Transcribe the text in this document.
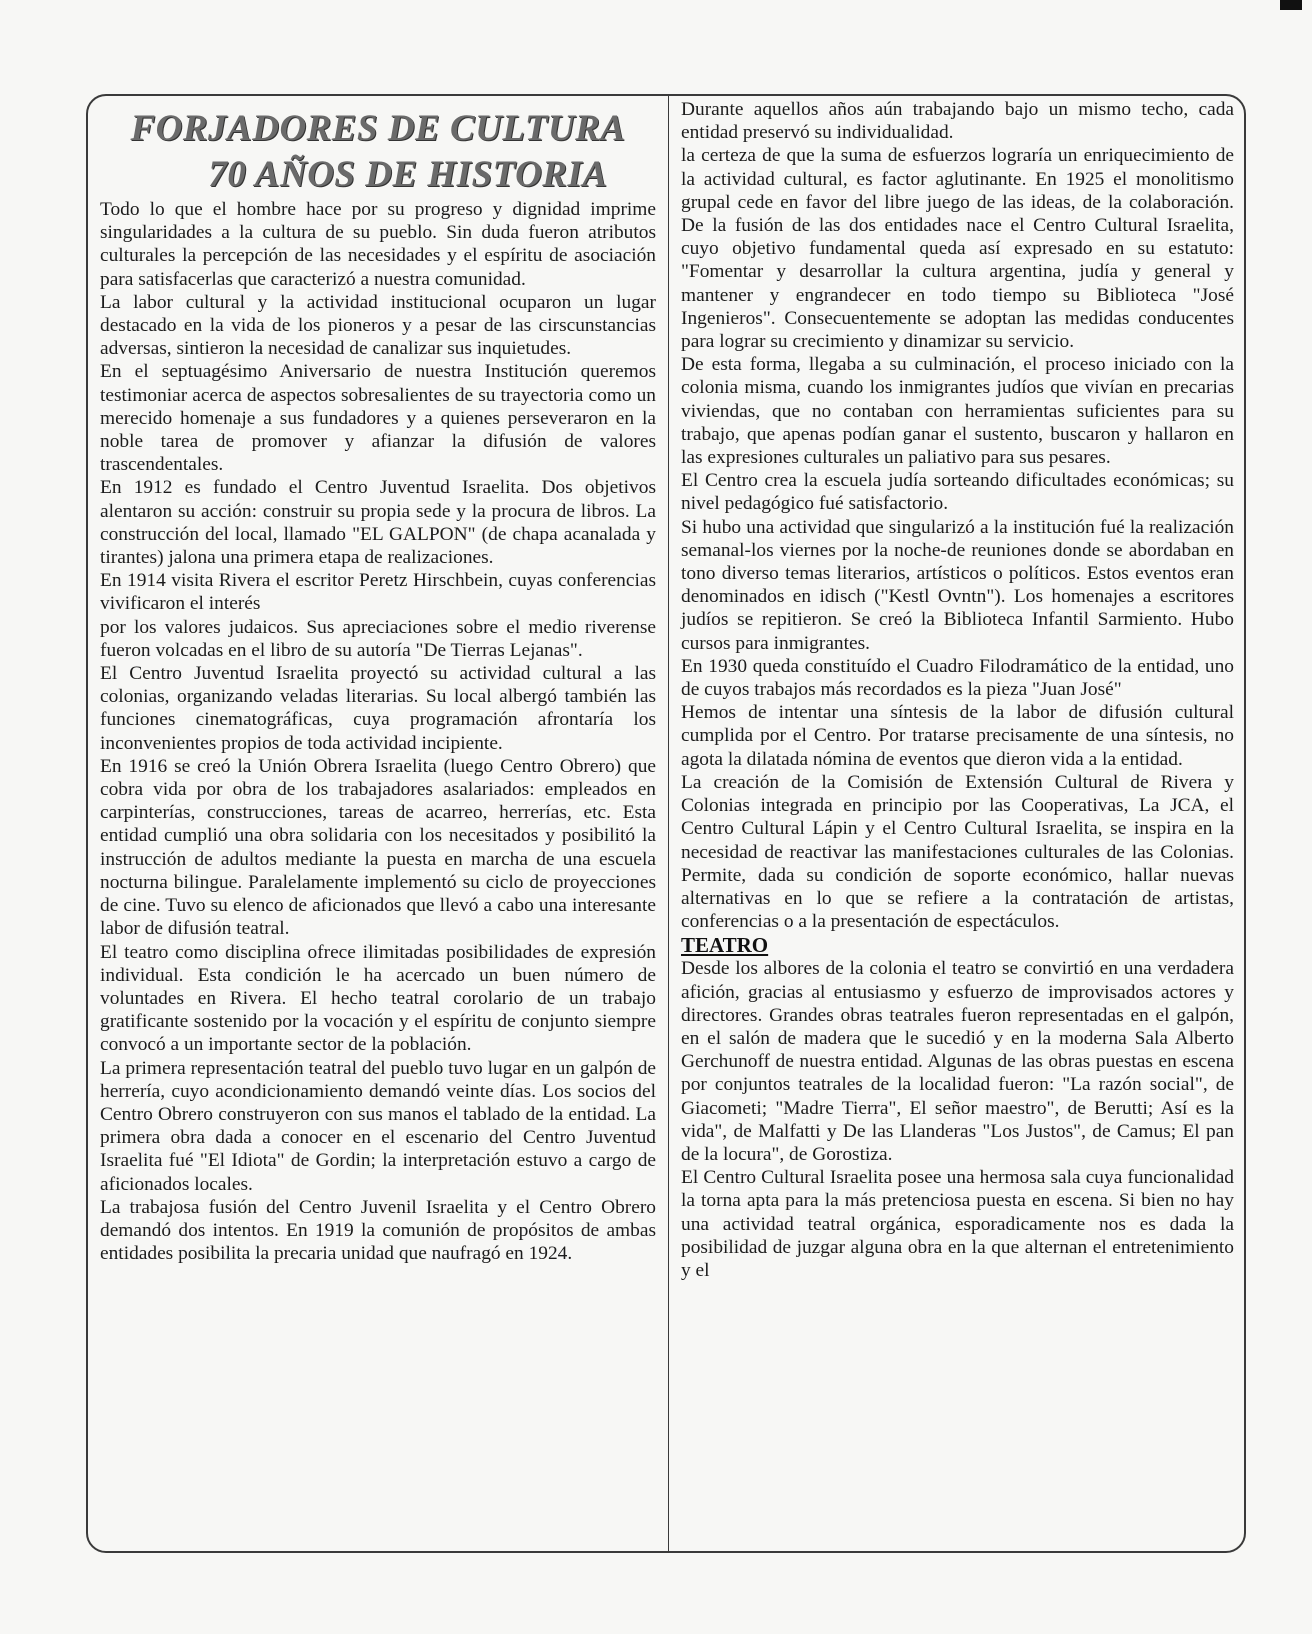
FORJADORES DE CULTURA
70 AÑOS DE HISTORIA

Todo lo que el hombre hace por su progreso y dignidad imprime singularidades a la cultura de su pueblo. Sin duda fueron atributos culturales la percepción de las necesidades y el espíritu de asociación para satisfacerlas que caracterizó a nuestra comunidad.

La labor cultural y la actividad institucional ocuparon un lugar destacado en la vida de los pioneros y a pesar de las cirscunstancias adversas, sintieron la necesidad de canalizar sus inquietudes.

En el septuagésimo Aniversario de nuestra Institución queremos testimoniar acerca de aspectos sobresalientes de su trayectoria como un merecido homenaje a sus fundadores y a quienes perseveraron en la noble tarea de promover y afianzar la difusión de valores trascendentales.

En 1912 es fundado el Centro Juventud Israelita. Dos objetivos alentaron su acción: construir su propia sede y la procura de libros. La construcción del local, llamado "EL GALPON" (de chapa acanalada y tirantes) jalona una primera etapa de realizaciones.

En 1914 visita Rivera el escritor Peretz Hirschbein, cuyas conferencias vivificaron el interés

por los valores judaicos. Sus apreciaciones sobre el medio riverense fueron volcadas en el libro de su autoría "De Tierras Lejanas".

El Centro Juventud Israelita proyectó su actividad cultural a las colonias, organizando veladas literarias. Su local albergó también las funciones cinematográficas, cuya programación afrontaría los inconvenientes propios de toda actividad incipiente.

En 1916 se creó la Unión Obrera Israelita (luego Centro Obrero) que cobra vida por obra de los trabajadores asalariados: empleados en carpinterías, construcciones, tareas de acarreo, herrerías, etc. Esta entidad cumplió una obra solidaria con los necesitados y posibilitó la instrucción de adultos mediante la puesta en marcha de una escuela nocturna bilingue. Paralelamente implementó su ciclo de proyecciones de cine. Tuvo su elenco de aficionados que llevó a cabo una interesante labor de difusión teatral.

El teatro como disciplina ofrece ilimitadas posibilidades de expresión individual. Esta condición le ha acercado un buen número de voluntades en Rivera. El hecho teatral corolario de un trabajo gratificante sostenido por la vocación y el espíritu de conjunto siempre convocó a un importante sector de la población.

La primera representación teatral del pueblo tuvo lugar en un galpón de herrería, cuyo acondicionamiento demandó veinte días. Los socios del Centro Obrero construyeron con sus manos el tablado de la entidad. La primera obra dada a conocer en el escenario del Centro Juventud Israelita fué "El Idiota" de Gordin; la interpretación estuvo a cargo de aficionados locales.

La trabajosa fusión del Centro Juvenil Israelita y el Centro Obrero demandó dos intentos. En 1919 la comunión de propósitos de ambas entidades posibilita la precaria unidad que naufragó en 1924.

Durante aquellos años aún trabajando bajo un mismo techo, cada entidad preservó su individualidad.

la certeza de que la suma de esfuerzos lograría un enriquecimiento de la actividad cultural, es factor aglutinante. En 1925 el monolitismo grupal cede en favor del libre juego de las ideas, de la colaboración. De la fusión de las dos entidades nace el Centro Cultural Israelita, cuyo objetivo fundamental queda así expresado en su estatuto: "Fomentar y desarrollar la cultura argentina, judía y general y mantener y engrandecer en todo tiempo su Biblioteca "José Ingenieros". Consecuentemente se adoptan las medidas conducentes para lograr su crecimiento y dinamizar su servicio.

De esta forma, llegaba a su culminación, el proceso iniciado con la colonia misma, cuando los inmigrantes judíos que vivían en precarias viviendas, que no contaban con herramientas suficientes para su trabajo, que apenas podían ganar el sustento, buscaron y hallaron en las expresiones culturales un paliativo para sus pesares.

El Centro crea la escuela judía sorteando dificultades económicas; su nivel pedagógico fué satisfactorio.

Si hubo una actividad que singularizó a la institución fué la realización semanal-los viernes por la noche-de reuniones donde se abordaban en tono diverso temas literarios, artísticos o políticos. Estos eventos eran denominados en idisch ("Kestl Ovntn"). Los homenajes a escritores judíos se repitieron. Se creó la Biblioteca Infantil Sarmiento. Hubo cursos para inmigrantes.

En 1930 queda constituído el Cuadro Filodramático de la entidad, uno de cuyos trabajos más recordados es la pieza "Juan José"

Hemos de intentar una síntesis de la labor de difusión cultural cumplida por el Centro. Por tratarse precisamente de una síntesis, no agota la dilatada nómina de eventos que dieron vida a la entidad.

La creación de la Comisión de Extensión Cultural de Rivera y Colonias integrada en principio por las Cooperativas, La JCA, el Centro Cultural Lápin y el Centro Cultural Israelita, se inspira en la necesidad de reactivar las manifestaciones culturales de las Colonias. Permite, dada su condición de soporte económico, hallar nuevas alternativas en lo que se refiere a la contratación de artistas, conferencias o a la presentación de espectáculos.

TEATRO

Desde los albores de la colonia el teatro se convirtió en una verdadera afición, gracias al entusiasmo y esfuerzo de improvisados actores y directores. Grandes obras teatrales fueron representadas en el galpón, en el salón de madera que le sucedió y en la moderna Sala Alberto Gerchunoff de nuestra entidad. Algunas de las obras puestas en escena por conjuntos teatrales de la localidad fueron: "La razón social", de Giacometi; "Madre Tierra", El señor maestro", de Berutti; Así es la vida", de Malfatti y De las Llanderas "Los Justos", de Camus; El pan de la locura", de Gorostiza.

El Centro Cultural Israelita posee una hermosa sala cuya funcionalidad la torna apta para la más pretenciosa puesta en escena. Si bien no hay una actividad teatral orgánica, esporadicamente nos es dada la posibilidad de juzgar alguna obra en la que alternan el entretenimiento y el
